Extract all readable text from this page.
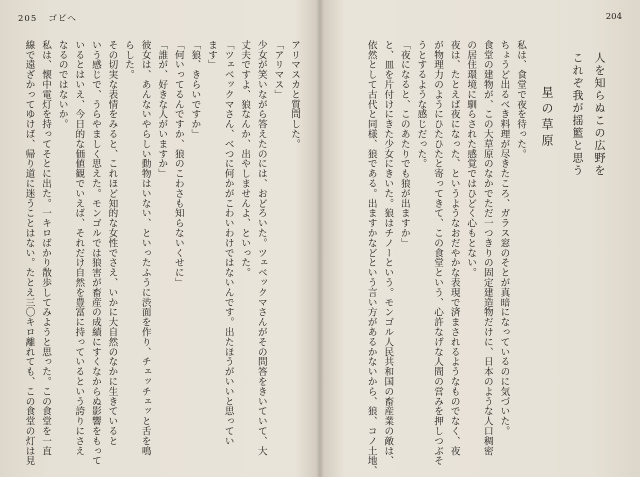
205 ゴビへ
アリマスカと質問した。
「アリマス」
少女が笑いながら答えたのには、おどろいた。ツェベックマさんがその問答をきいていて、大
丈夫ですよ、狼なんか、出やしませんよ、といった。
「ツェベックマさん、べつに何かがこわいわけではないんです。出たほうがいいと思ってい
ます」
「狼、きらいですか」
「何いってるんですか、狼のこわさも知らないくせに」
「誰が、好きな人がいますか」
彼女は、あんないやらしい動物はいない、といったふうに渋面を作り、チェッチェッと舌を鳴
らした。
その切実な表情をみると、これほど知的な女性でさえ、いかに大自然のなかに生きていると
いう感じで、うらやましく思えた。モンゴルでは狼害が畜産の成績にすくなからぬ影響をもって
いるとはいえ、今日的な価値観でいえば、それだけ自然を豊富に持っているという誇りにさえ
なるのではないか。
私は、懐中電灯を持ってそとに出た。一キロばかり散歩してみようと思った。この食堂を一直
線で遠ざかってゆけば、帰り道に迷うことはない。たとえ三〇キロ離れても、この食堂の灯は見
204
人を知らぬこの広野を
これぞ我が揺籃と思う
星の草原
私は、食堂で夜を待った。
ちょうど出るべき料理が尽きたころ、ガラス窓のそとが真暗になっているのに気づいた。
食堂の建物が、この大草原のなかでただ一つきりの固定建造物だけに、日本のような人口稠密
の居住環境に馴らされた感覚ではひどく心もとない。
夜は、たとえば夜になった、というようなおだやかな表現で済まされるようなものでなく、夜
が物理力のようにひたひたと寄ってきて、この食堂という、心許なげな人間の営みを押しつぶそ
うとするような感じだった。
「夜になると、このあたりでも狼が出ますか」
と、皿を片付けにきた少女にきいた。狼はチノーという。モンゴル人民共和国の畜産業の敵は、
依然として古代と同様、狼である。出ますかなどという言い方があるかないから、狼、コノ土地、
